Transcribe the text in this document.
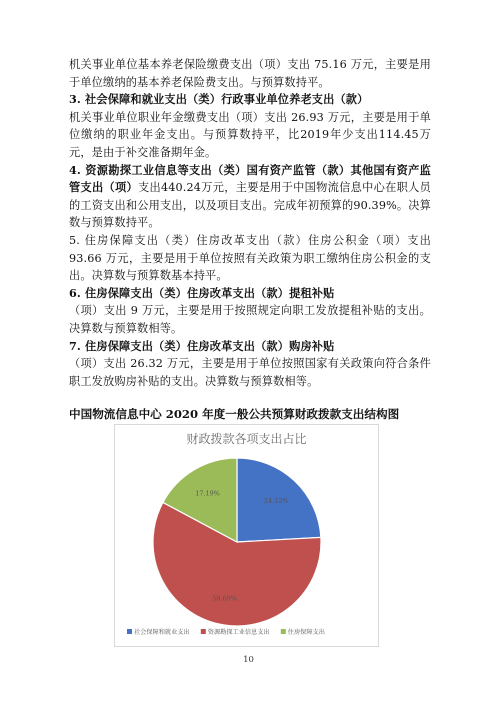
机关事业单位基本养老保险缴费支出（项）支出 75.16 万元，主要是用于单位缴纳的基本养老保险费支出。与预算数持平。

3. 社会保障和就业支出（类）行政事业单位养老支出（款）

机关事业单位职业年金缴费支出（项）支出 26.93 万元，主要是用于单位缴纳的职业年金支出。与预算数持平，比2019年少支出114.45万元，是由于补交准备期年金。

4. 资源勘探工业信息等支出（类）国有资产监管（款）其他国有资产监管支出（项）支出440.24万元，主要是用于中国物流信息中心在职人员的工资支出和公用支出，以及项目支出。完成年初预算的90.39%。决算数与预算数持平。

5. 住房保障支出（类）住房改革支出（款）住房公积金（项）支出 93.66 万元，主要是用于单位按照有关政策为职工缴纳住房公积金的支出。决算数与预算数基本持平。

6. 住房保障支出（类）住房改革支出（款）提租补贴

（项）支出 9 万元，主要是用于按照规定向职工发放提租补贴的支出。决算数与预算数相等。

7. 住房保障支出（类）住房改革支出（款）购房补贴

（项）支出 26.32 万元，主要是用于单位按照国家有关政策向符合条件职工发放购房补贴的支出。决算数与预算数相等。

中国物流信息中心 2020 年度一般公共预算财政拨款支出结构图
财政拨款各项支出占比
24.12%
58.69%
17.19%
社会保障和就业支出	资源勘探工业信息支出	住房保障支出
10
